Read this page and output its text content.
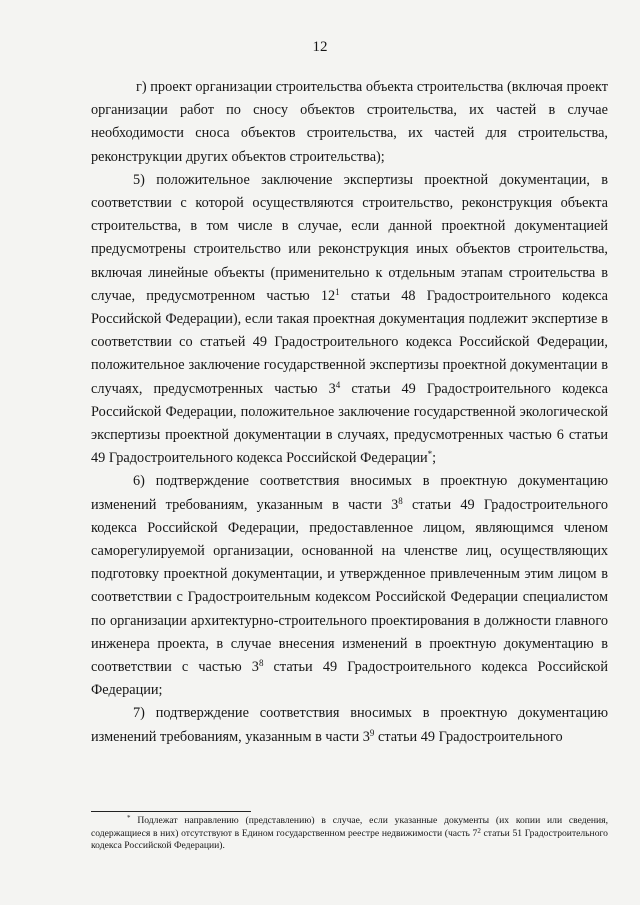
12

г) проект организации строительства объекта строительства (включая проект организации работ по сносу объектов строительства, их частей в случае необходимости сноса объектов строительства, их частей для строительства, реконструкции других объектов строительства);

5) положительное заключение экспертизы проектной документации, в соответствии с которой осуществляются строительство, реконструкция объекта строительства, в том числе в случае, если данной проектной документацией предусмотрены строительство или реконструкция иных объектов строительства, включая линейные объекты (применительно к отдельным этапам строительства в случае, предусмотренном частью $12^1$ статьи 48 Градостроительного кодекса Российской Федерации), если такая проектная документация подлежит экспертизе в соответствии со статьей 49 Градостроительного кодекса Российской Федерации, положительное заключение государственной экспертизы проектной документации в случаях, предусмотренных частью $3^4$ статьи 49 Градостроительного кодекса Российской Федерации, положительное заключение государственной экологической экспертизы проектной документации в случаях, предусмотренных частью 6 статьи 49 Градостроительного кодекса Российской Федерации*;

6) подтверждение соответствия вносимых в проектную документацию изменений требованиям, указанным в части $3^8$ статьи 49 Градостроительного кодекса Российской Федерации, предоставленное лицом, являющимся членом саморегулируемой организации, основанной на членстве лиц, осуществляющих подготовку проектной документации, и утвержденное привлеченным этим лицом в соответствии с Градостроительным кодексом Российской Федерации специалистом по организации архитектурно-строительного проектирования в должности главного инженера проекта, в случае внесения изменений в проектную документацию в соответствии с частью $3^8$ статьи 49 Градостроительного кодекса Российской Федерации;

7) подтверждение соответствия вносимых в проектную документацию изменений требованиям, указанным в части $3^9$ статьи 49 Градостроительного

* Подлежат направлению (представлению) в случае, если указанные документы (их копии или сведения, содержащиеся в них) отсутствуют в Едином государственном реестре недвижимости (часть $7^2$ статьи 51 Градостроительного кодекса Российской Федерации).
